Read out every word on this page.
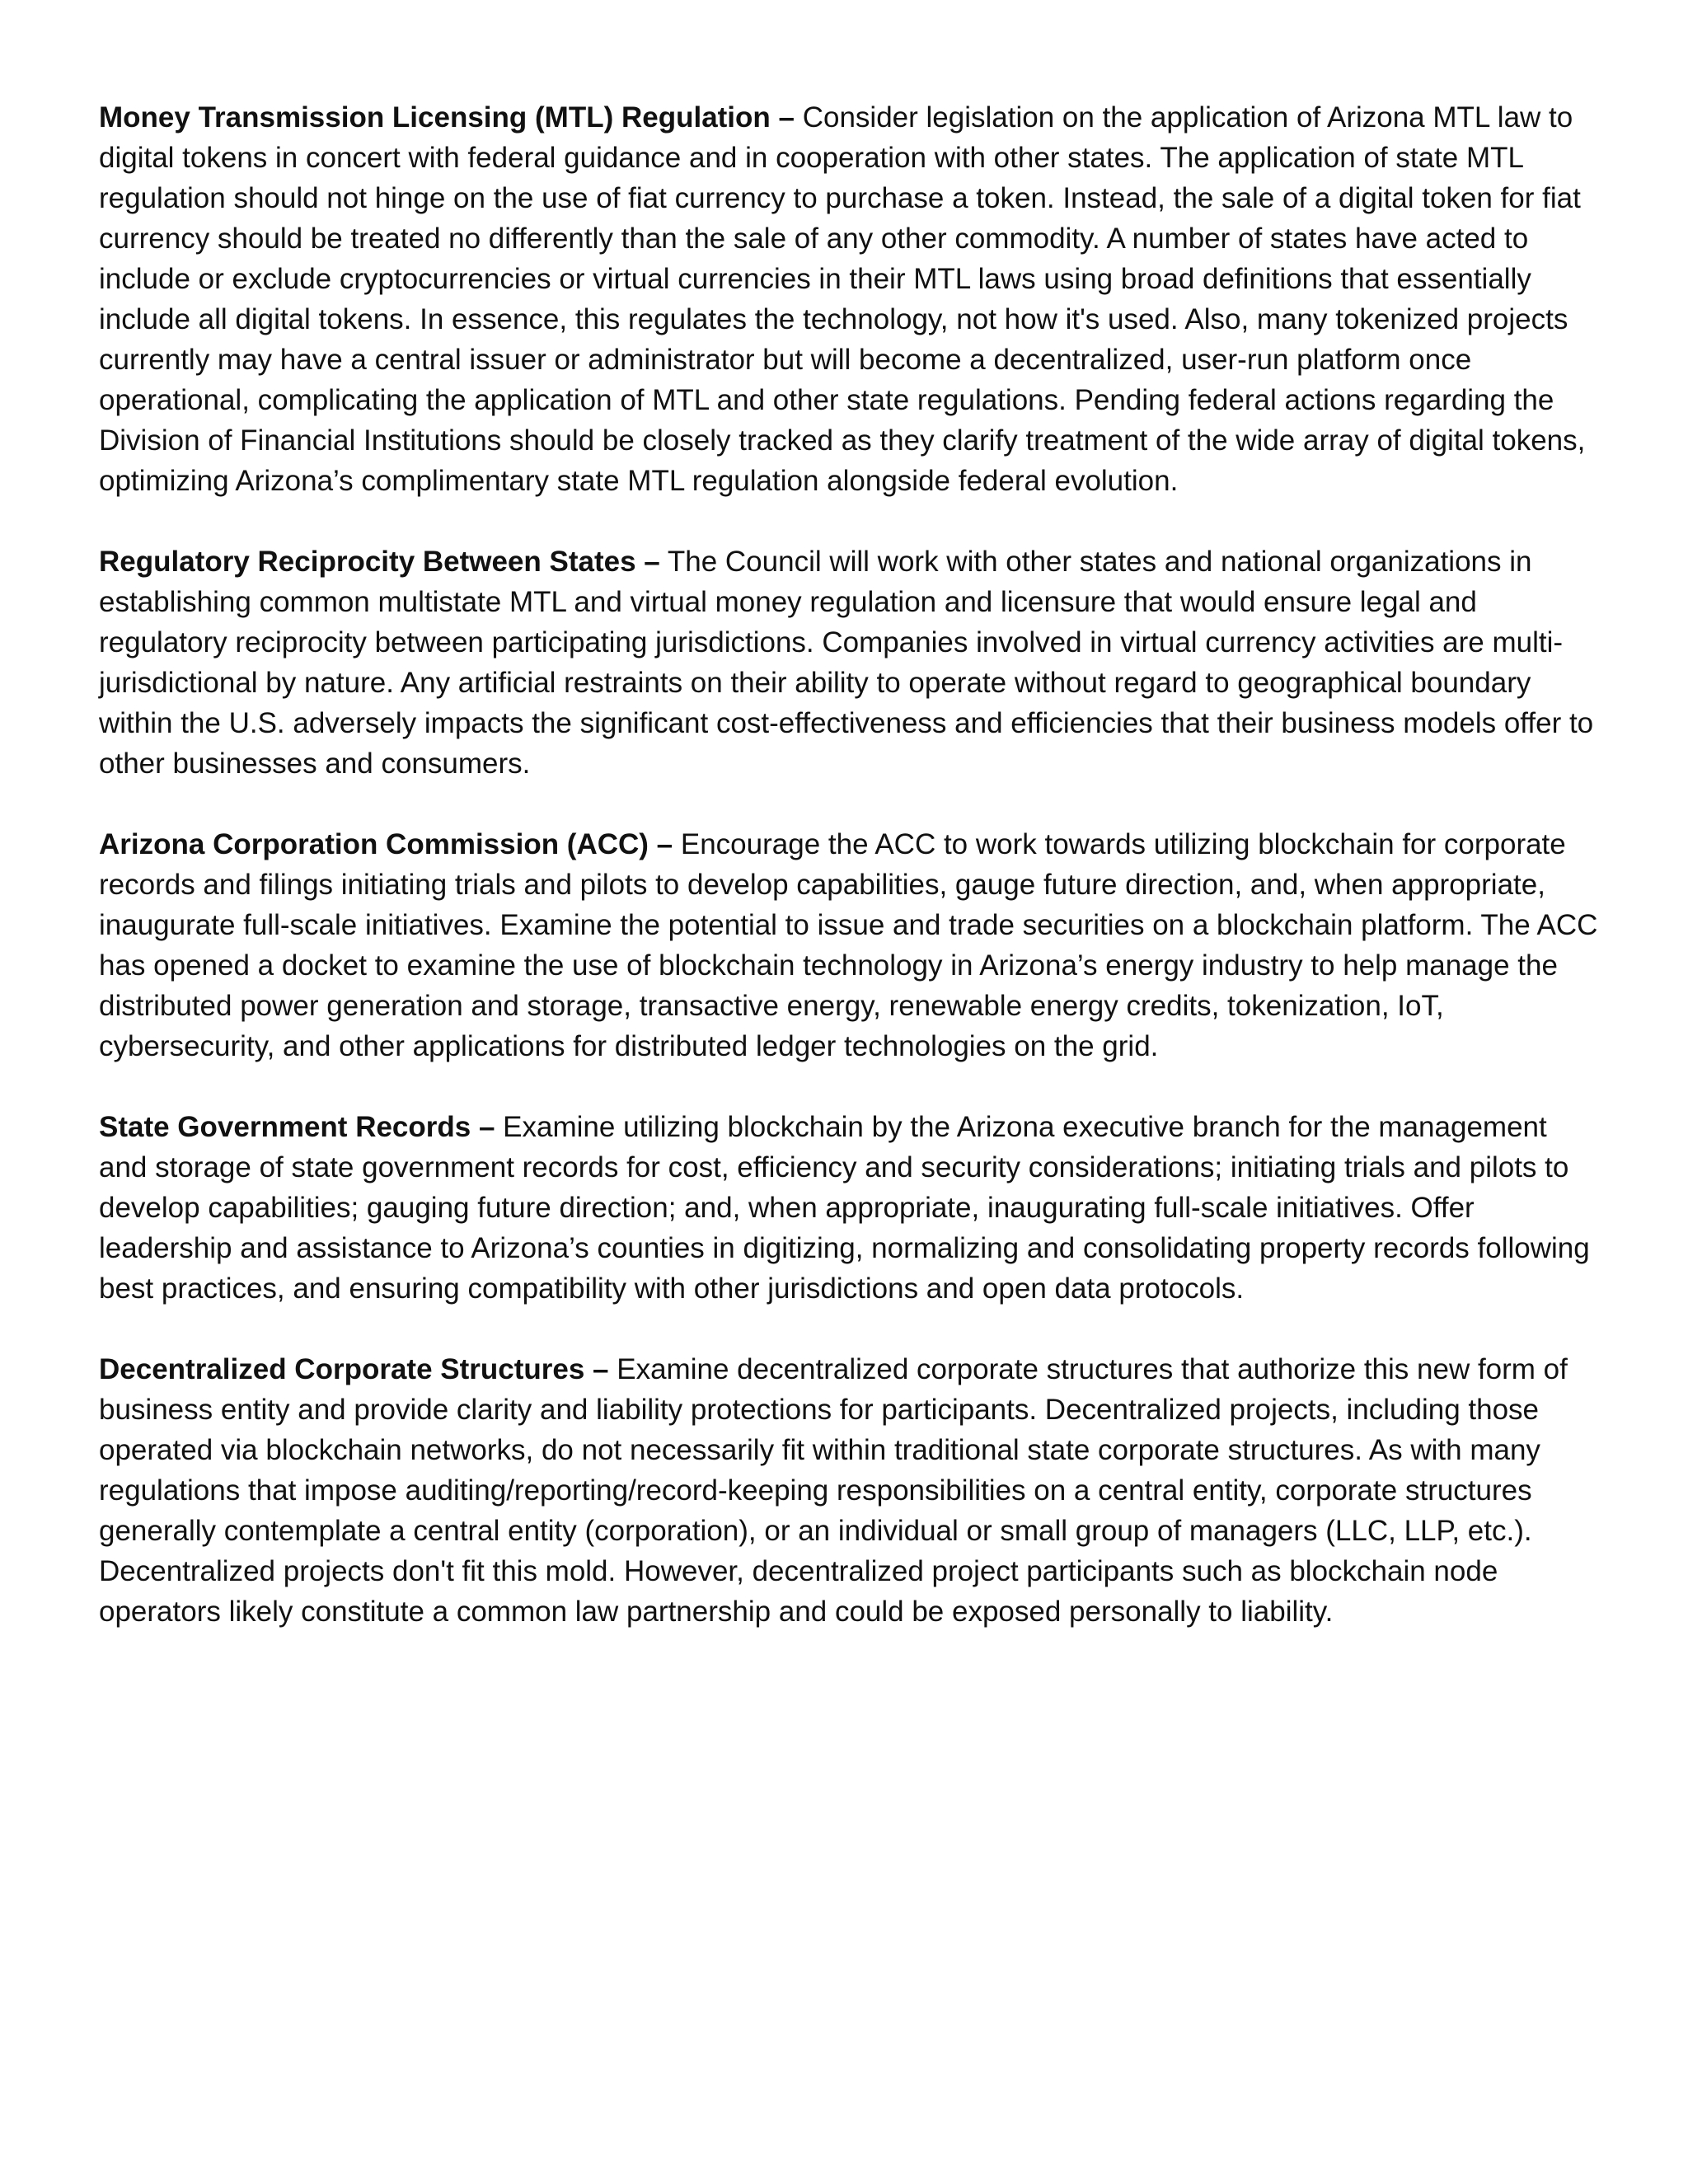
Money Transmission Licensing (MTL) Regulation – Consider legislation on the application of Arizona MTL law to digital tokens in concert with federal guidance and in cooperation with other states. The application of state MTL regulation should not hinge on the use of fiat currency to purchase a token. Instead, the sale of a digital token for fiat currency should be treated no differently than the sale of any other commodity. A number of states have acted to include or exclude cryptocurrencies or virtual currencies in their MTL laws using broad definitions that essentially include all digital tokens. In essence, this regulates the technology, not how it's used. Also, many tokenized projects currently may have a central issuer or administrator but will become a decentralized, user-run platform once operational, complicating the application of MTL and other state regulations. Pending federal actions regarding the Division of Financial Institutions should be closely tracked as they clarify treatment of the wide array of digital tokens, optimizing Arizona’s complimentary state MTL regulation alongside federal evolution.

Regulatory Reciprocity Between States – The Council will work with other states and national organizations in establishing common multistate MTL and virtual money regulation and licensure that would ensure legal and regulatory reciprocity between participating jurisdictions. Companies involved in virtual currency activities are multi-jurisdictional by nature. Any artificial restraints on their ability to operate without regard to geographical boundary within the U.S. adversely impacts the significant cost-effectiveness and efficiencies that their business models offer to other businesses and consumers.

Arizona Corporation Commission (ACC) – Encourage the ACC to work towards utilizing blockchain for corporate records and filings initiating trials and pilots to develop capabilities, gauge future direction, and, when appropriate, inaugurate full-scale initiatives. Examine the potential to issue and trade securities on a blockchain platform. The ACC has opened a docket to examine the use of blockchain technology in Arizona’s energy industry to help manage the distributed power generation and storage, transactive energy, renewable energy credits, tokenization, IoT, cybersecurity, and other applications for distributed ledger technologies on the grid.

State Government Records – Examine utilizing blockchain by the Arizona executive branch for the management and storage of state government records for cost, efficiency and security considerations; initiating trials and pilots to develop capabilities; gauging future direction; and, when appropriate, inaugurating full-scale initiatives. Offer leadership and assistance to Arizona’s counties in digitizing, normalizing and consolidating property records following best practices, and ensuring compatibility with other jurisdictions and open data protocols.

Decentralized Corporate Structures – Examine decentralized corporate structures that authorize this new form of business entity and provide clarity and liability protections for participants. Decentralized projects, including those operated via blockchain networks, do not necessarily fit within traditional state corporate structures. As with many regulations that impose auditing/reporting/record-keeping responsibilities on a central entity, corporate structures generally contemplate a central entity (corporation), or an individual or small group of managers (LLC, LLP, etc.). Decentralized projects don't fit this mold. However, decentralized project participants such as blockchain node operators likely constitute a common law partnership and could be exposed personally to liability.
